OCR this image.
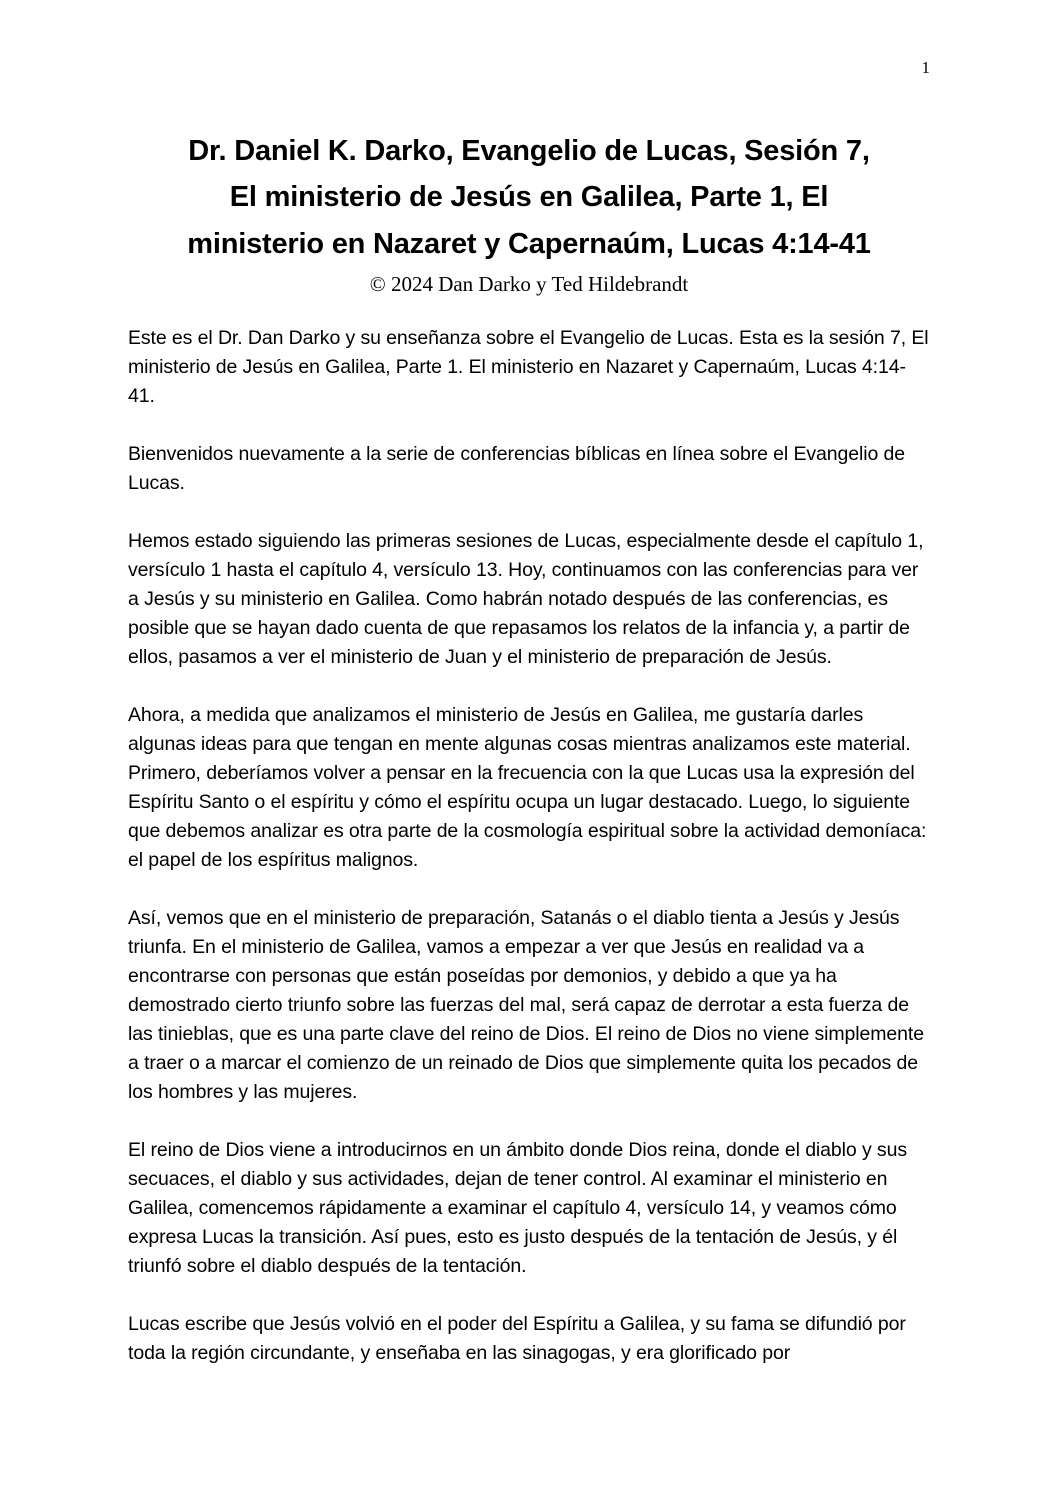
1
Dr. Daniel K. Darko, Evangelio de Lucas, Sesión 7,
El ministerio de Jesús en Galilea, Parte 1, El
ministerio en Nazaret y Capernaúm, Lucas 4:14-41

© 2024 Dan Darko y Ted Hildebrandt

Este es el Dr. Dan Darko y su enseñanza sobre el Evangelio de Lucas. Esta es la sesión 7, El ministerio de Jesús en Galilea, Parte 1. El ministerio en Nazaret y Capernaúm, Lucas 4:14-41.

Bienvenidos nuevamente a la serie de conferencias bíblicas en línea sobre el Evangelio de Lucas.

Hemos estado siguiendo las primeras sesiones de Lucas, especialmente desde el capítulo 1, versículo 1 hasta el capítulo 4, versículo 13. Hoy, continuamos con las conferencias para ver a Jesús y su ministerio en Galilea. Como habrán notado después de las conferencias, es posible que se hayan dado cuenta de que repasamos los relatos de la infancia y, a partir de ellos, pasamos a ver el ministerio de Juan y el ministerio de preparación de Jesús.

Ahora, a medida que analizamos el ministerio de Jesús en Galilea, me gustaría darles algunas ideas para que tengan en mente algunas cosas mientras analizamos este material. Primero, deberíamos volver a pensar en la frecuencia con la que Lucas usa la expresión del Espíritu Santo o el espíritu y cómo el espíritu ocupa un lugar destacado. Luego, lo siguiente que debemos analizar es otra parte de la cosmología espiritual sobre la actividad demoníaca: el papel de los espíritus malignos.

Así, vemos que en el ministerio de preparación, Satanás o el diablo tienta a Jesús y Jesús triunfa. En el ministerio de Galilea, vamos a empezar a ver que Jesús en realidad va a encontrarse con personas que están poseídas por demonios, y debido a que ya ha demostrado cierto triunfo sobre las fuerzas del mal, será capaz de derrotar a esta fuerza de las tinieblas, que es una parte clave del reino de Dios. El reino de Dios no viene simplemente a traer o a marcar el comienzo de un reinado de Dios que simplemente quita los pecados de los hombres y las mujeres.

El reino de Dios viene a introducirnos en un ámbito donde Dios reina, donde el diablo y sus secuaces, el diablo y sus actividades, dejan de tener control. Al examinar el ministerio en Galilea, comencemos rápidamente a examinar el capítulo 4, versículo 14, y veamos cómo expresa Lucas la transición. Así pues, esto es justo después de la tentación de Jesús, y él triunfó sobre el diablo después de la tentación.

Lucas escribe que Jesús volvió en el poder del Espíritu a Galilea, y su fama se difundió por toda la región circundante, y enseñaba en las sinagogas, y era glorificado por
